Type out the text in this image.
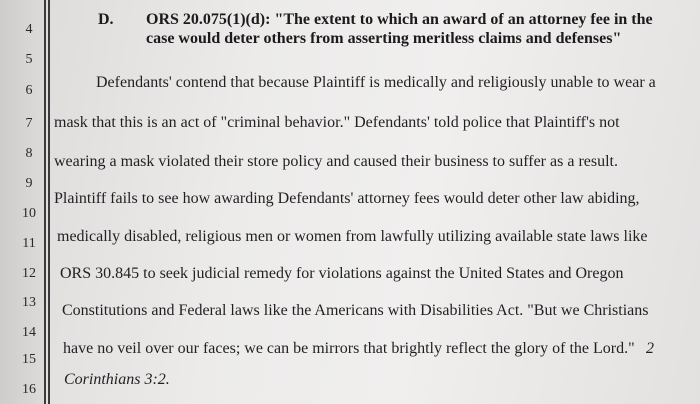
4
5
6
7
8
9
10
11
12
13
14
15
16
D. ORS 20.075(1)(d): "The extent to which an award of an attorney fee in the
case would deter others from asserting meritless claims and defenses"
Defendants' contend that because Plaintiff is medically and religiously unable to wear a
mask that this is an act of "criminal behavior." Defendants' told police that Plaintiff's not
wearing a mask violated their store policy and caused their business to suffer as a result.
Plaintiff fails to see how awarding Defendants' attorney fees would deter other law abiding,
medically disabled, religious men or women from lawfully utilizing available state laws like
ORS 30.845 to seek judicial remedy for violations against the United States and Oregon
Constitutions and Federal laws like the Americans with Disabilities Act. "But we Christians
have no veil over our faces; we can be mirrors that brightly reflect the glory of the Lord." 2
Corinthians 3:2.
